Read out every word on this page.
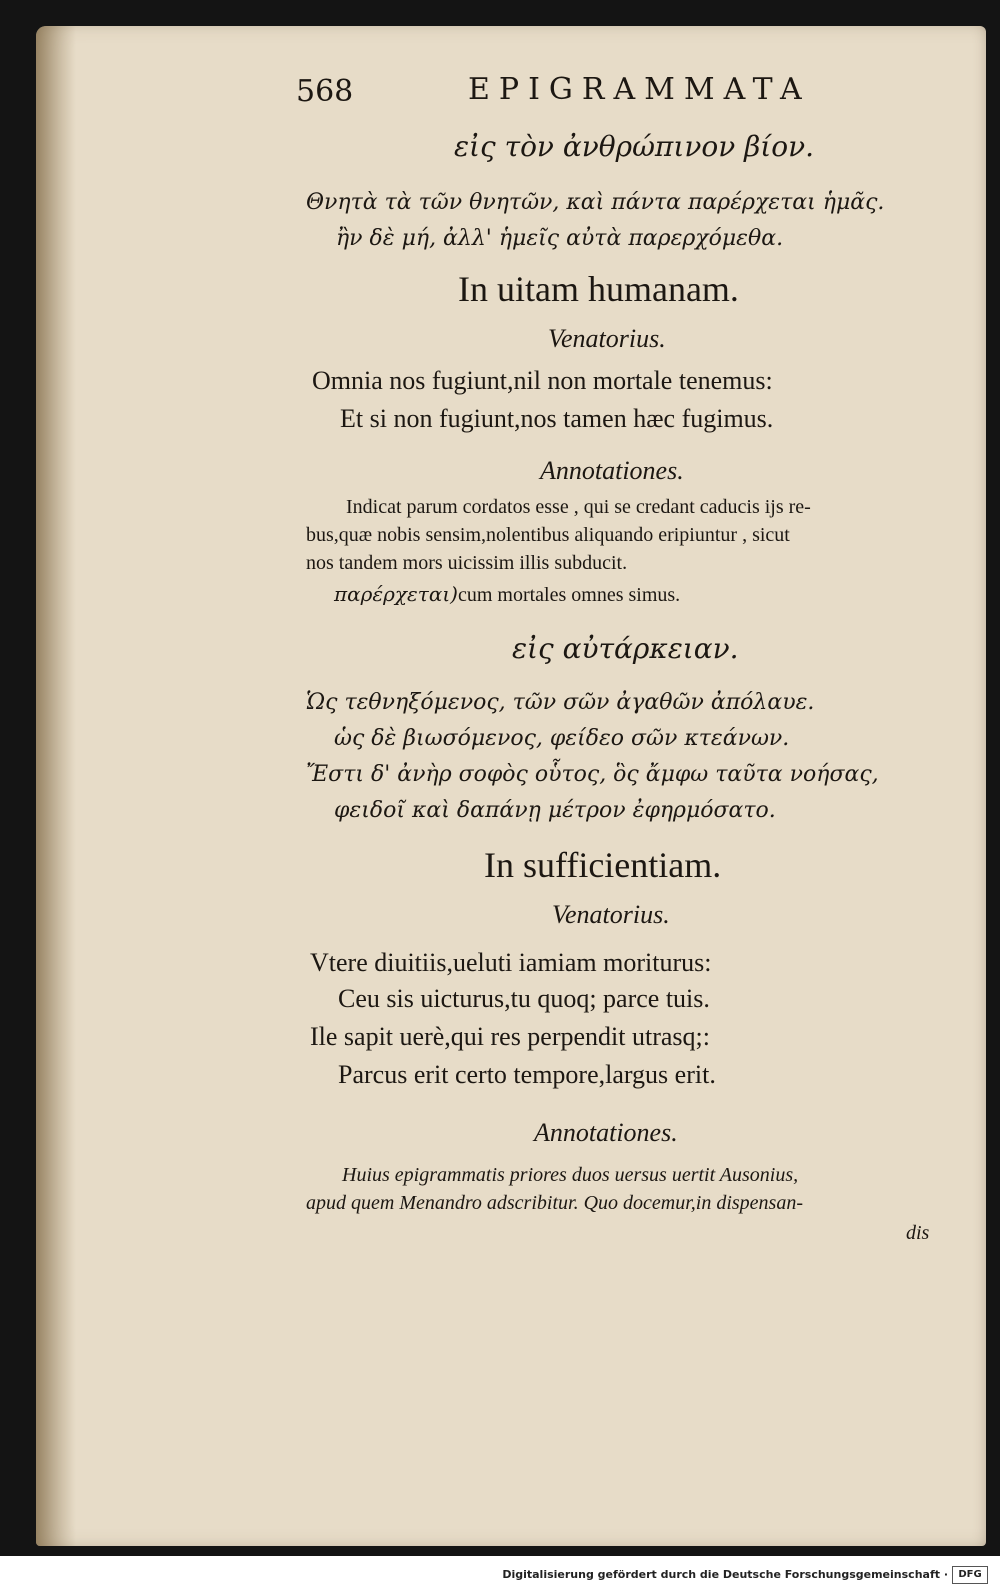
568	EPIGRAMMATA
εἰς τὸν ἀνθρώπινον βίον.
Θνητὰ τὰ τῶν θνητῶν, καὶ πάντα παρέρχεται ἡμᾶς.
ἢν δὲ μή, ἀλλ' ἡμεῖς αὐτὰ παρερχόμεθα.
In uitam humanam.
Venatorius.
Omnia nos fugiunt,nil non mortale tenemus:
Et si non fugiunt,nos tamen hæc fugimus.
Annotationes.
Indicat parum cordatos esse , qui se credant caducis ijs re-
bus,quæ nobis sensim,nolentibus aliquando eripiuntur , sicut
nos tandem mors uicissim illis subducit.
παρέρχεται)cum mortales omnes simus.
εἰς αὐτάρκειαν.
Ὡς τεθνηξόμενος, τῶν σῶν ἀγαθῶν ἀπόλαυε.
ὡς δὲ βιωσόμενος, φείδεο σῶν κτεάνων.
Ἔστι δ' ἀνὴρ σοφὸς οὗτος, ὃς ἄμφω ταῦτα νοήσας,
φειδοῖ καὶ δαπάνῃ μέτρον ἐφηρμόσατο.
In sufficientiam.
Venatorius.
Vtere diuitiis,ueluti iamiam moriturus:
Ceu sis uicturus,tu quoq; parce tuis.
Ile sapit uerè,qui res perpendit utrasq;:
Parcus erit certo tempore,largus erit.
Annotationes.
Huius epigrammatis priores duos uersus uertit Ausonius,
apud quem Menandro adscribitur. Quo docemur,in dispensan-
dis
Digitalisierung gefördert durch die Deutsche Forschungsgemeinschaft ·	DFG
